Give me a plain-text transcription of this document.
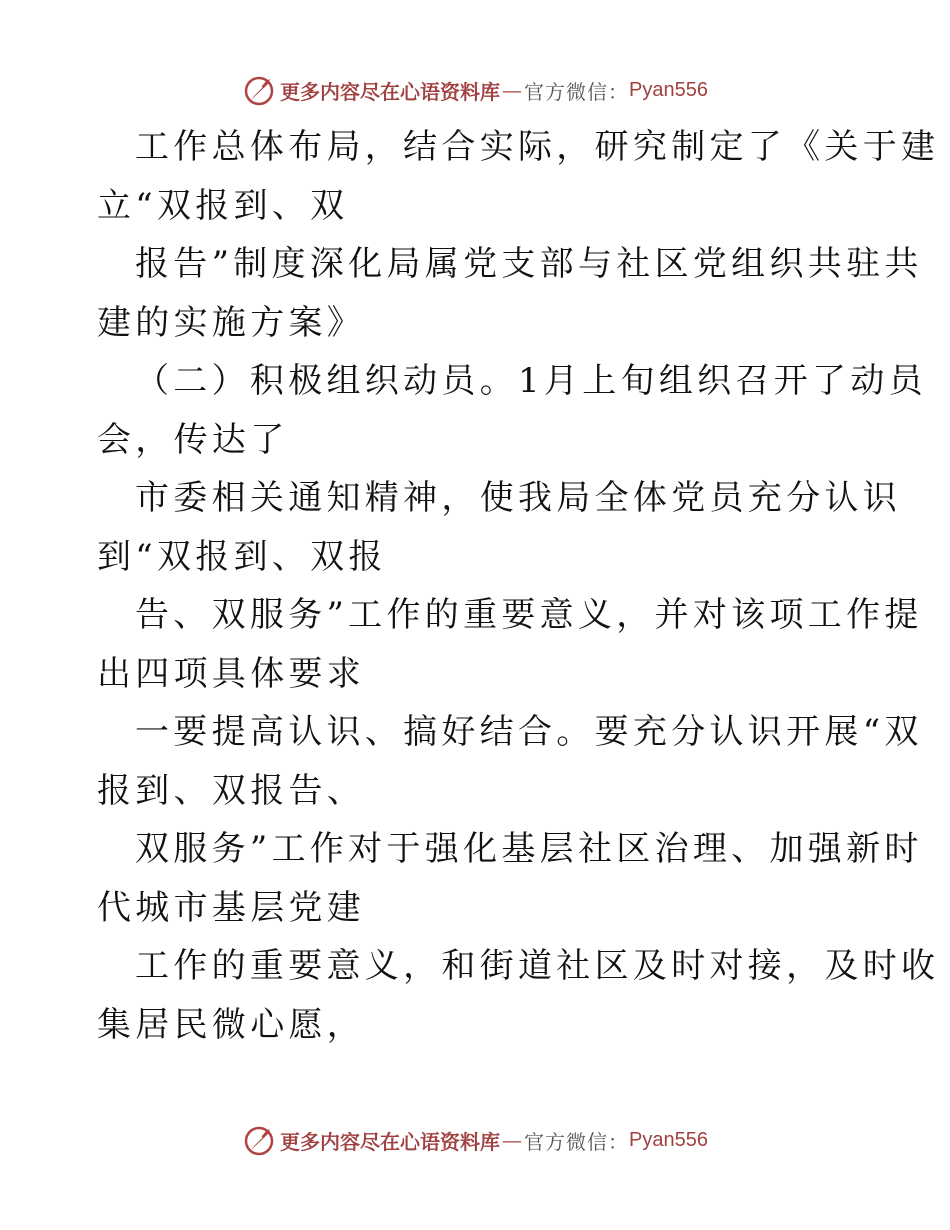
更多内容尽在心语资料库 — 官方微信： Pyan556
工作总体布局，结合实际，研究制定了《关于建
立“双报到、双
报告”制度深化局属党支部与社区党组织共驻共
建的实施方案》
（二）积极组织动员。1月上旬组织召开了动员
会，传达了
市委相关通知精神，使我局全体党员充分认识
到“双报到、双报
告、双服务”工作的重要意义，并对该项工作提
出四项具体要求
一要提高认识、搞好结合。要充分认识开展“双
报到、双报告、
双服务”工作对于强化基层社区治理、加强新时
代城市基层党建
工作的重要意义，和街道社区及时对接，及时收
集居民微心愿，
更多内容尽在心语资料库 — 官方微信： Pyan556
